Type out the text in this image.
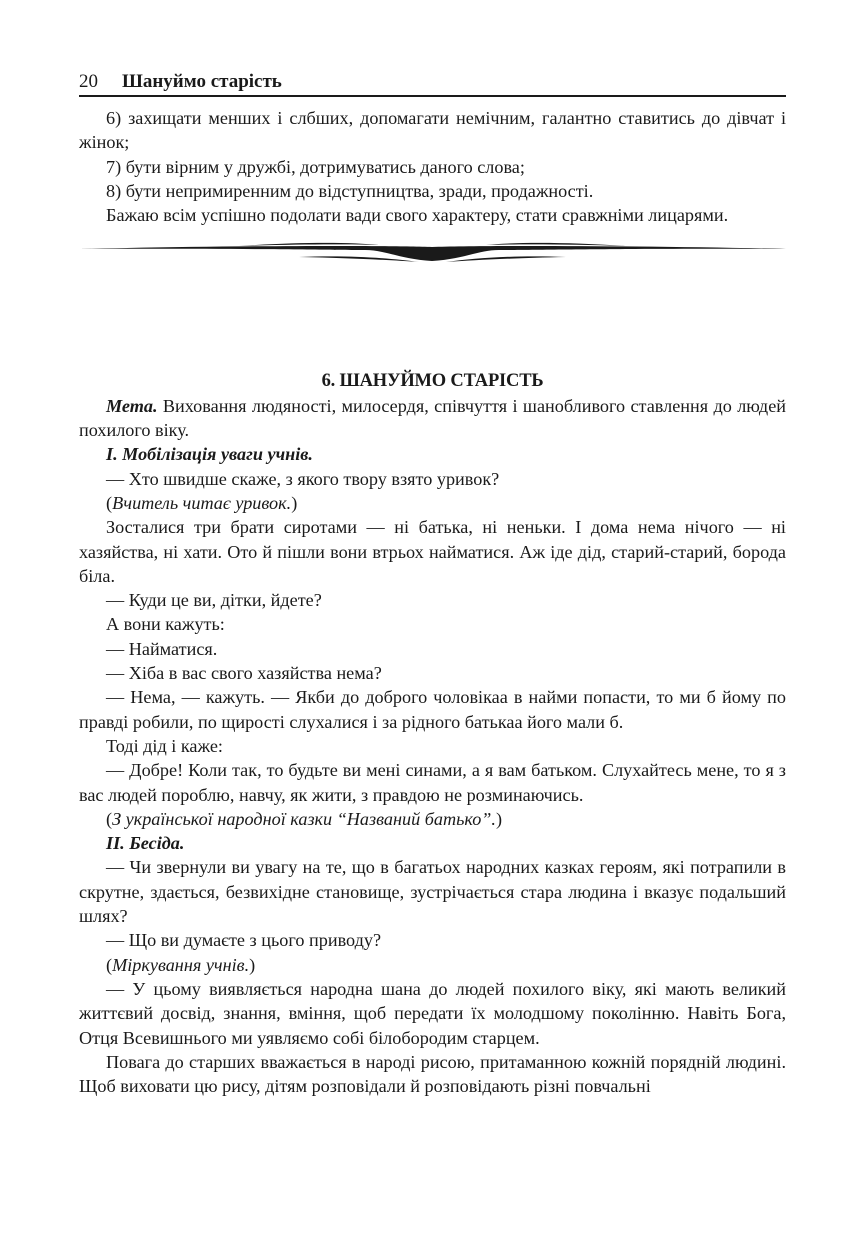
20 Шануймо старість

6) захищати менших і слбших, допомагати немічним, галантно ставитись до дівчат і жінок;

7) бути вірним у дружбі, дотримуватись даного слова;

8) бути непримиренним до відступництва, зради, продажності.

Бажаю всім успішно подолати вади свого характеру, стати сравжніми лицарями.

6. ШАНУЙМО СТАРІСТЬ

Мета. Виховання людяності, милосердя, співчуття і шанобливого ставлення до людей похилого віку.

І. Мобілізація уваги учнів.

— Хто швидше скаже, з якого твору взято уривок?

(Вчитель читає уривок.)

Зосталися три брати сиротами — ні батька, ні неньки. І дома нема нічого — ні хазяйства, ні хати. Ото й пішли вони втрьох найматися. Аж іде дід, старий-старий, борода біла.

— Куди це ви, дітки, йдете?

А вони кажуть:

— Найматися.

— Хіба в вас свого хазяйства нема?

— Нема, — кажуть. — Якби до доброго чоловікаа в найми попасти, то ми б йому по правді робили, по щирості слухалися і за рідного батькаа його мали б.

Тоді дід і каже:

— Добре! Коли так, то будьте ви мені синами, а я вам батьком. Слухайтесь мене, то я з вас людей пороблю, навчу, як жити, з правдою не розминаючись.

(З української народної казки “Названий батько”.)

ІІ. Бесіда.

— Чи звернули ви увагу на те, що в багатьох народних казках героям, які потрапили в скрутне, здається, безвихідне становище, зустрічається стара людина і вказує подальший шлях?

— Що ви думаєте з цього приводу?

(Міркування учнів.)

— У цьому виявляється народна шана до людей похилого віку, які мають великий життєвий досвід, знання, вміння, щоб передати їх молодшому поколінню. Навіть Бога, Отця Всевишнього ми уявляємо собі білобородим старцем.

Повага до старших вважається в народі рисою, притаманною кожній порядній людині. Щоб виховати цю рису, дітям розповідали й розповідають різні повчальні
